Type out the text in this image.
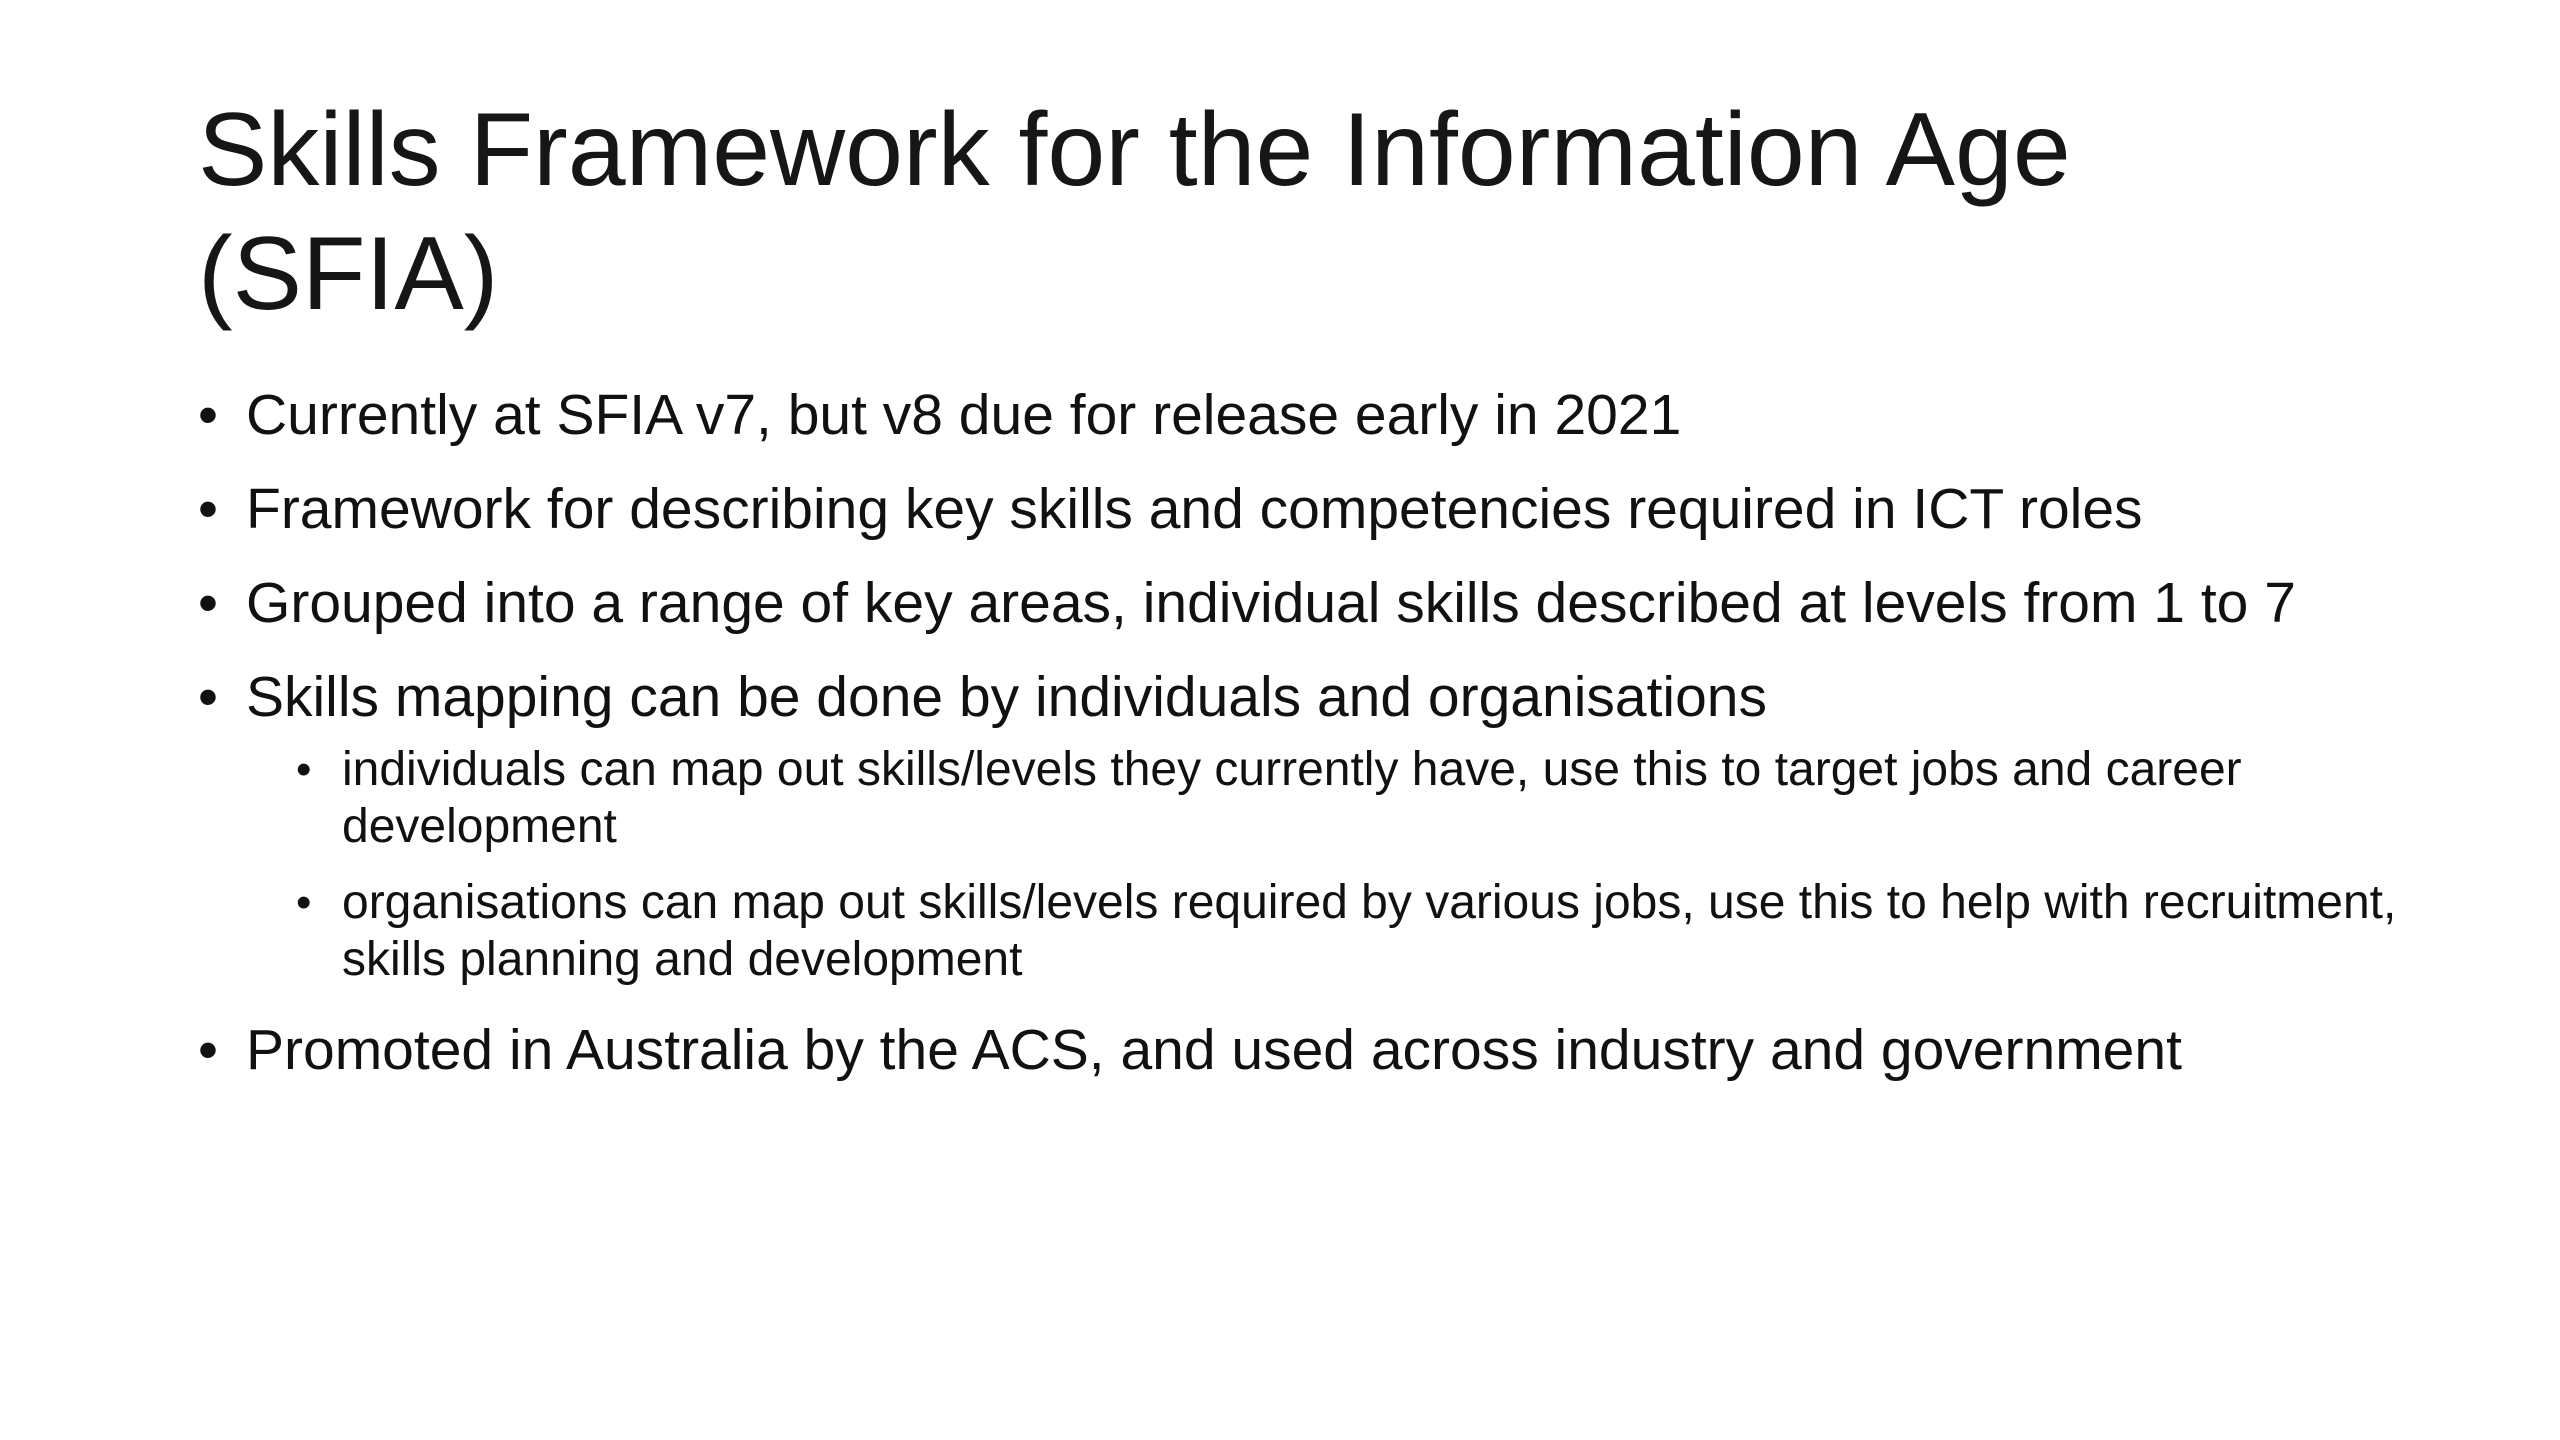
Skills Framework for the Information Age (SFIA)
• Currently at SFIA v7, but v8 due for release early in 2021
• Framework for describing key skills and competencies required in ICT roles
• Grouped into a range of key areas, individual skills described at levels from 1 to 7
• Skills mapping can be done by individuals and organisations
• individuals can map out skills/levels they currently have, use this to target jobs and career development
• organisations can map out skills/levels required by various jobs, use this to help with recruitment, skills planning and development
• Promoted in Australia by the ACS, and used across industry and government
